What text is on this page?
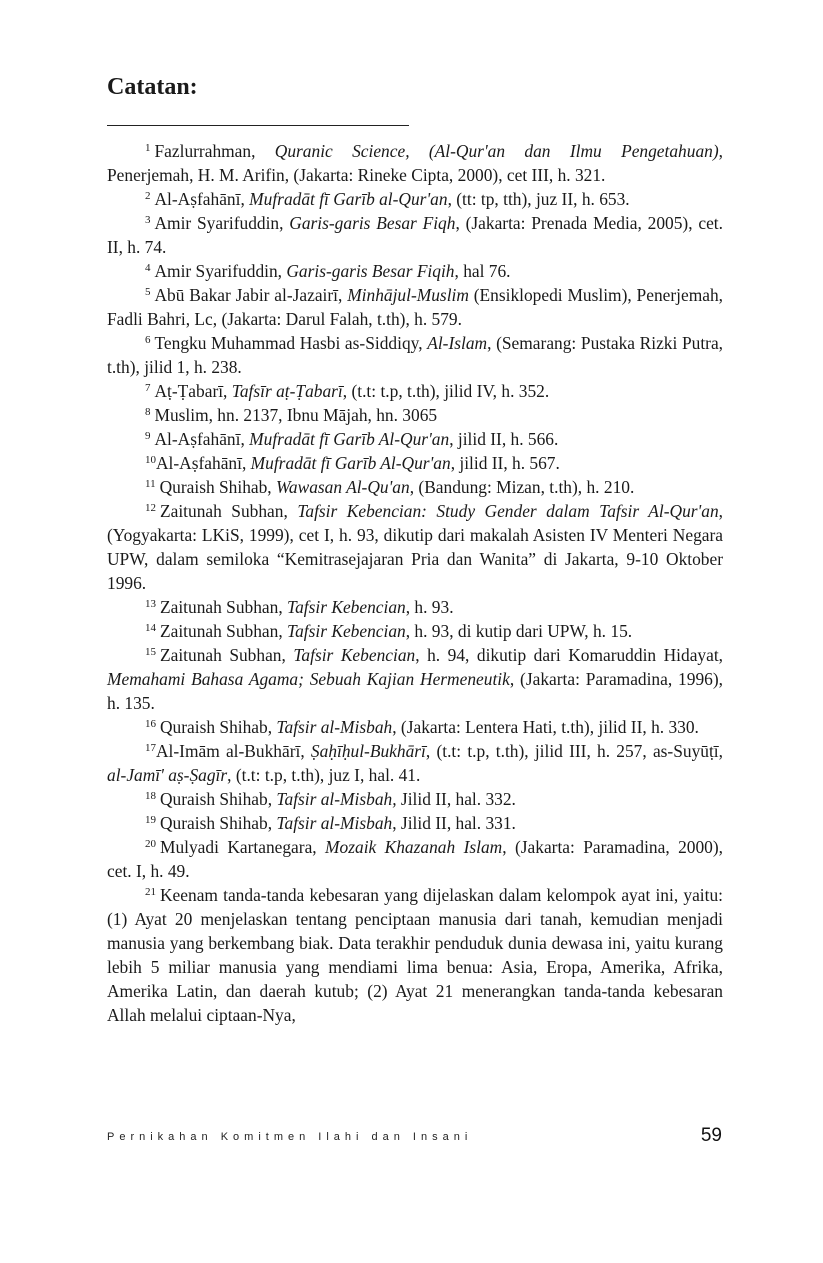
Catatan:

$^1$ Fazlurrahman, Quranic Science, (Al-Qur'an dan Ilmu Pengetahuan), Penerjemah, H. M. Arifin, (Jakarta: Rineke Cipta, 2000), cet III, h. 321.

$^2$ Al-Aṣfahānī, Mufradāt fī Garīb al-Qur'an, (tt: tp, tth), juz II, h. 653.

$^3$ Amir Syarifuddin, Garis-garis Besar Fiqh, (Jakarta: Prenada Media, 2005), cet. II, h. 74.

$^4$ Amir Syarifuddin, Garis-garis Besar Fiqih, hal 76.

$^5$ Abū Bakar Jabir al-Jazairī, Minhājul-Muslim (Ensiklopedi Muslim), Penerjemah, Fadli Bahri, Lc, (Jakarta: Darul Falah, t.th), h. 579.

$^6$ Tengku Muhammad Hasbi as-Siddiqy, Al-Islam, (Semarang: Pustaka Rizki Putra, t.th), jilid 1, h. 238.

$^7$ Aṭ-Ṭabarī, Tafsīr aṭ-Ṭabarī, (t.t: t.p, t.th), jilid IV, h. 352.

$^8$ Muslim, hn. 2137, Ibnu Mājah, hn. 3065

$^9$ Al-Aṣfahānī, Mufradāt fī Garīb Al-Qur'an, jilid II, h. 566.

$^{10}$Al-Aṣfahānī, Mufradāt fī Garīb Al-Qur'an, jilid II, h. 567.

$^{11}$ Quraish Shihab, Wawasan Al-Qu'an, (Bandung: Mizan, t.th), h. 210.

$^{12}$ Zaitunah Subhan, Tafsir Kebencian: Study Gender dalam Tafsir Al-Qur'an, (Yogyakarta: LKiS, 1999), cet I, h. 93, dikutip dari makalah Asisten IV Menteri Negara UPW, dalam semiloka “Kemitrasejajaran Pria dan Wanita” di Jakarta, 9-10 Oktober 1996.

$^{13}$ Zaitunah Subhan, Tafsir Kebencian, h. 93.

$^{14}$ Zaitunah Subhan, Tafsir Kebencian, h. 93, di kutip dari UPW, h. 15.

$^{15}$ Zaitunah Subhan, Tafsir Kebencian, h. 94, dikutip dari Komaruddin Hidayat, Memahami Bahasa Agama; Sebuah Kajian Hermeneutik, (Jakarta: Paramadina, 1996), h. 135.

$^{16}$ Quraish Shihab, Tafsir al-Misbah, (Jakarta: Lentera Hati, t.th), jilid II, h. 330.

$^{17}$Al-Imām al-Bukhārī, Ṣaḥīḥul-Bukhārī, (t.t: t.p, t.th), jilid III, h. 257, as-Suyūṭī, al-Jamī' aṣ-Ṣagīr, (t.t: t.p, t.th), juz I, hal. 41.

$^{18}$ Quraish Shihab, Tafsir al-Misbah, Jilid II, hal. 332.

$^{19}$ Quraish Shihab, Tafsir al-Misbah, Jilid II, hal. 331.

$^{20}$ Mulyadi Kartanegara, Mozaik Khazanah Islam, (Jakarta: Paramadina, 2000), cet. I, h. 49.

$^{21}$ Keenam tanda-tanda kebesaran yang dijelaskan dalam kelompok ayat ini, yaitu: (1) Ayat 20 menjelaskan tentang penciptaan manusia dari tanah, kemudian menjadi manusia yang berkembang biak. Data terakhir penduduk dunia dewasa ini, yaitu kurang lebih 5 miliar manusia yang mendiami lima benua: Asia, Eropa, Amerika, Afrika, Amerika Latin, dan daerah kutub; (2) Ayat 21 menerangkan tanda-tanda kebesaran Allah melalui ciptaan-Nya,

Pernikahan Komitmen Ilahi dan Insani	59
